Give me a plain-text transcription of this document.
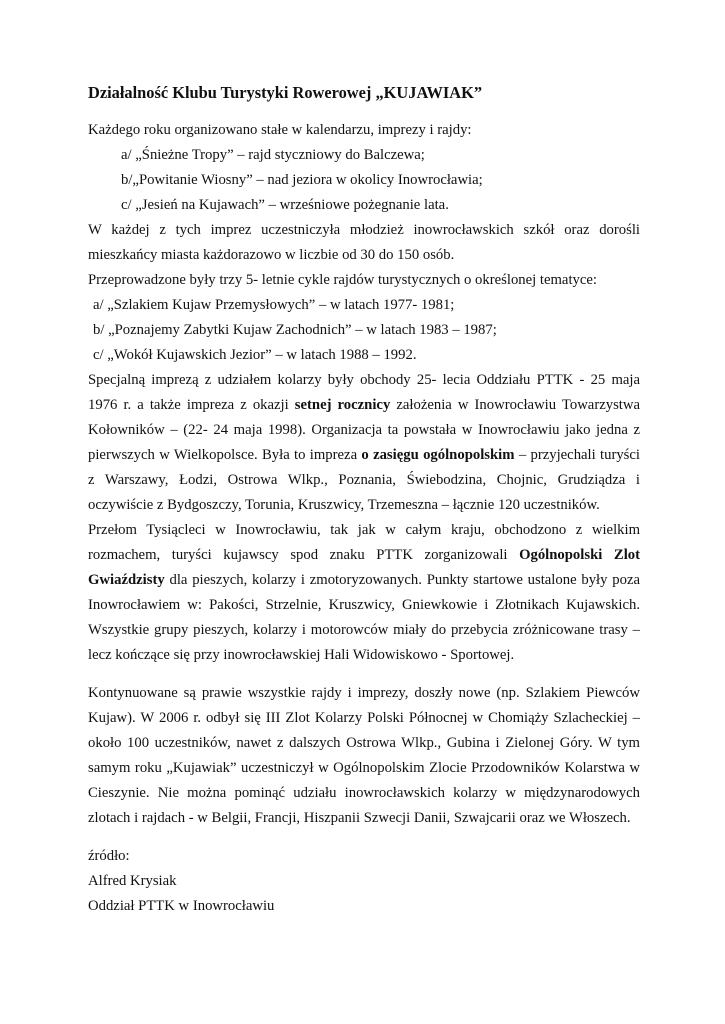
Działalność Klubu Turystyki Rowerowej „KUJAWIAK”

Każdego roku organizowano stałe w kalendarzu, imprezy i rajdy:

a/ „Śnieżne Tropy” – rajd styczniowy do Balczewa;

b/„Powitanie Wiosny” – nad jeziora w okolicy Inowrocławia;

c/ „Jesień na Kujawach” – wrześniowe pożegnanie lata.

W każdej z tych imprez uczestniczyła młodzież inowrocławskich szkół oraz dorośli mieszkańcy miasta każdorazowo w liczbie od 30 do 150 osób.

Przeprowadzone były trzy 5- letnie cykle rajdów turystycznych o określonej tematyce:

a/ „Szlakiem Kujaw Przemysłowych” – w latach 1977- 1981;

b/ „Poznajemy Zabytki Kujaw Zachodnich” – w latach 1983 – 1987;

c/ „Wokół Kujawskich Jezior” – w latach 1988 – 1992.

Specjalną imprezą z udziałem kolarzy były obchody 25- lecia Oddziału PTTK - 25 maja 1976 r. a także impreza z okazji setnej rocznicy założenia w Inowrocławiu Towarzystwa Kołowników – (22- 24 maja 1998). Organizacja ta powstała w Inowrocławiu jako jedna z pierwszych w Wielkopolsce. Była to impreza o zasięgu ogólnopolskim – przyjechali turyści z Warszawy, Łodzi, Ostrowa Wlkp., Poznania, Świebodzina, Chojnic, Grudziądza i oczywiście z Bydgoszczy, Torunia, Kruszwicy, Trzemeszna – łącznie 120 uczestników.

Przełom Tysiącleci w Inowrocławiu, tak jak w całym kraju, obchodzono z wielkim rozmachem, turyści kujawscy spod znaku PTTK zorganizowali Ogólnopolski Zlot Gwiaździsty dla pieszych, kolarzy i zmotoryzowanych. Punkty startowe ustalone były poza Inowrocławiem w: Pakości, Strzelnie, Kruszwicy, Gniewkowie i Złotnikach Kujawskich. Wszystkie grupy pieszych, kolarzy i motorowców miały do przebycia zróżnicowane trasy – lecz kończące się przy inowrocławskiej Hali Widowiskowo - Sportowej.

Kontynuowane są prawie wszystkie rajdy i imprezy, doszły nowe (np. Szlakiem Piewców Kujaw). W 2006 r. odbył się III Zlot Kolarzy Polski Północnej w Chomiąży Szlacheckiej – około 100 uczestników, nawet z dalszych Ostrowa Wlkp., Gubina i Zielonej Góry. W tym samym roku „Kujawiak” uczestniczył w Ogólnopolskim Zlocie Przodowników Kolarstwa w Cieszynie. Nie można pominąć udziału inowrocławskich kolarzy w międzynarodowych zlotach i rajdach - w Belgii, Francji, Hiszpanii Szwecji Danii, Szwajcarii oraz we Włoszech.

źródło:

Alfred Krysiak

Oddział PTTK w Inowrocławiu
